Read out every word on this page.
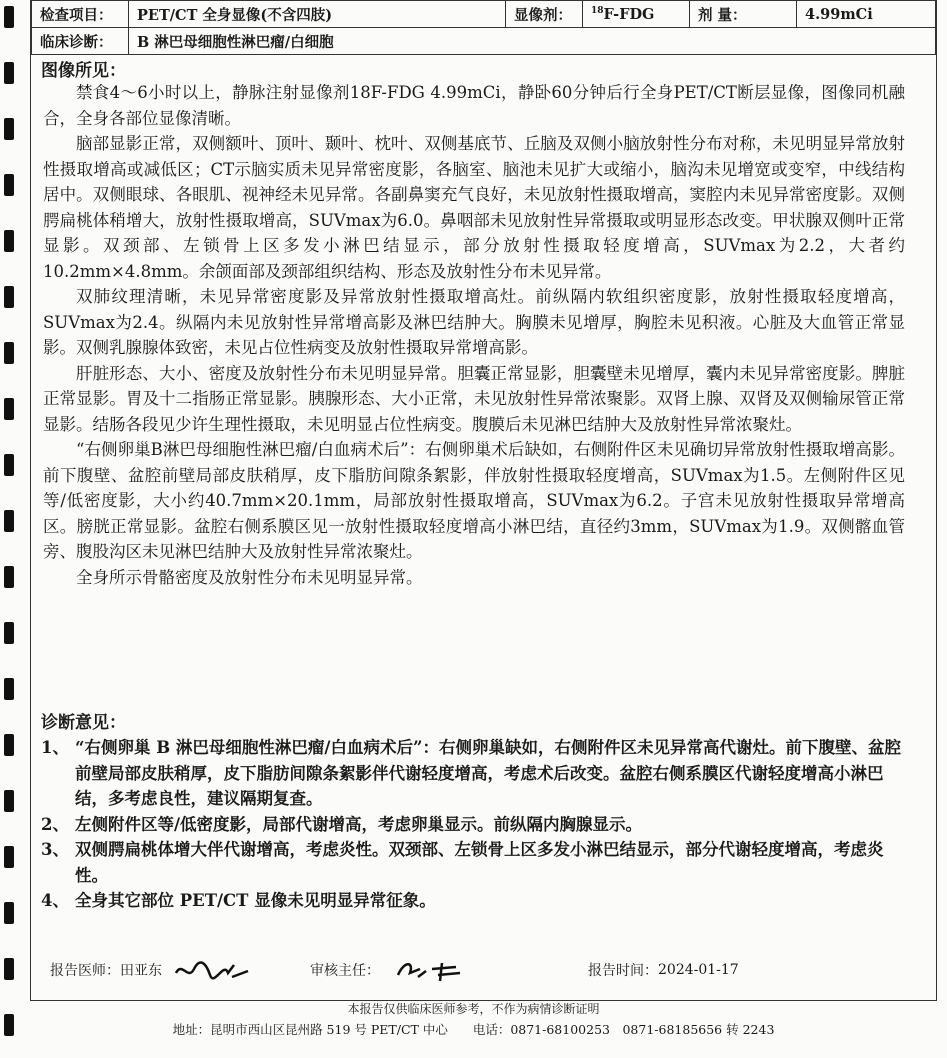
检查项目：	PET/CT 全身显像(不含四肢)	显像剂：	$^{18}$F-FDG	剂 量：	4.99mCi
临床诊断：	B 淋巴母细胞性淋巴瘤/白细胞				
图像所见：

禁食4～6小时以上，静脉注射显像剂18F-FDG 4.99mCi，静卧60分钟后行全身PET/CT断层显像，图像同机融合，全身各部位显像清晰。

脑部显影正常，双侧额叶、顶叶、颞叶、枕叶、双侧基底节、丘脑及双侧小脑放射性分布对称，未见明显异常放射性摄取增高或减低区；CT示脑实质未见异常密度影，各脑室、脑池未见扩大或缩小，脑沟未见增宽或变窄，中线结构居中。双侧眼球、各眼肌、视神经未见异常。各副鼻窦充气良好，未见放射性摄取增高，窦腔内未见异常密度影。双侧腭扁桃体稍增大，放射性摄取增高，SUVmax为6.0。鼻咽部未见放射性异常摄取或明显形态改变。甲状腺双侧叶正常显影。双颈部、左锁骨上区多发小淋巴结显示，部分放射性摄取轻度增高，SUVmax为2.2，大者约10.2mm×4.8mm。余颌面部及颈部组织结构、形态及放射性分布未见异常。

双肺纹理清晰，未见异常密度影及异常放射性摄取增高灶。前纵隔内软组织密度影，放射性摄取轻度增高，SUVmax为2.4。纵隔内未见放射性异常增高影及淋巴结肿大。胸膜未见增厚，胸腔未见积液。心脏及大血管正常显影。双侧乳腺腺体致密，未见占位性病变及放射性摄取异常增高影。

肝脏形态、大小、密度及放射性分布未见明显异常。胆囊正常显影，胆囊壁未见增厚，囊内未见异常密度影。脾脏正常显影。胃及十二指肠正常显影。胰腺形态、大小正常，未见放射性异常浓聚影。双肾上腺、双肾及双侧输尿管正常显影。结肠各段见少许生理性摄取，未见明显占位性病变。腹膜后未见淋巴结肿大及放射性异常浓聚灶。

“右侧卵巢B淋巴母细胞性淋巴瘤/白血病术后”：右侧卵巢术后缺如，右侧附件区未见确切异常放射性摄取增高影。前下腹壁、盆腔前壁局部皮肤稍厚，皮下脂肪间隙条絮影，伴放射性摄取轻度增高，SUVmax为1.5。左侧附件区见等/低密度影，大小约40.7mm×20.1mm，局部放射性摄取增高，SUVmax为6.2。子宫未见放射性摄取异常增高区。膀胱正常显影。盆腔右侧系膜区见一放射性摄取轻度增高小淋巴结，直径约3mm，SUVmax为1.9。双侧髂血管旁、腹股沟区未见淋巴结肿大及放射性异常浓聚灶。

全身所示骨骼密度及放射性分布未见明显异常。

诊断意见：
1、 “右侧卵巢 B 淋巴母细胞性淋巴瘤/白血病术后”：右侧卵巢缺如，右侧附件区未见异常高代谢灶。前下腹壁、盆腔前壁局部皮肤稍厚，皮下脂肪间隙条絮影伴代谢轻度增高，考虑术后改变。盆腔右侧系膜区代谢轻度增高小淋巴结，多考虑良性，建议隔期复查。
2、 左侧附件区等/低密度影，局部代谢增高，考虑卵巢显示。前纵隔内胸腺显示。
3、 双侧腭扁桃体增大伴代谢增高，考虑炎性。双颈部、左锁骨上区多发小淋巴结显示，部分代谢轻度增高，考虑炎性。
4、 全身其它部位 PET/CT 显像未见明显异常征象。
报告医师： 田亚东	审核主任：	报告时间： 2024-01-17
本报告仅供临床医师参考，不作为病情诊断证明
地址：昆明市西山区昆州路 519 号 PET/CT 中心　　电话：0871-68100253　0871-68185656 转 2243
